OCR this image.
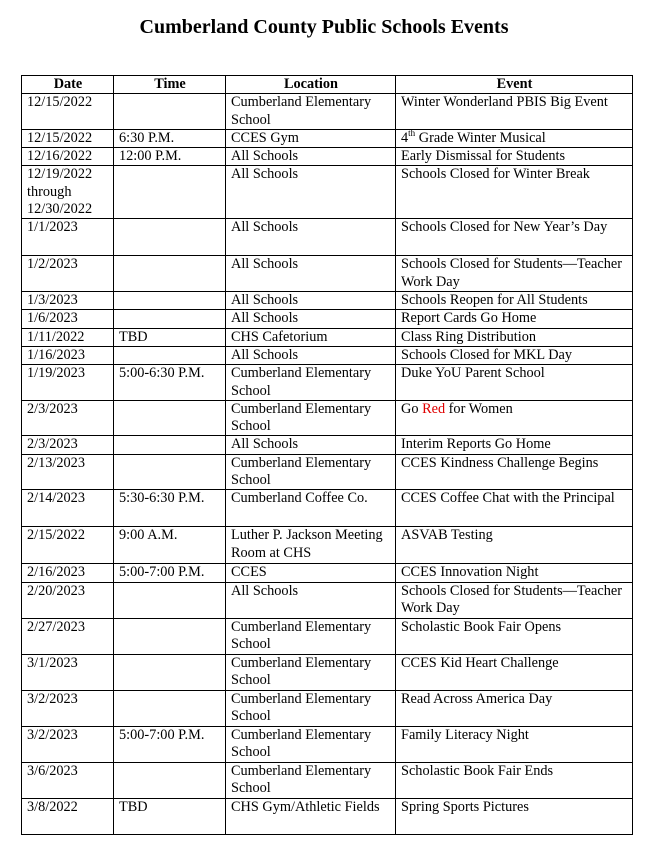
Cumberland County Public Schools Events
Date	Time	Location	Event
12/15/2022		Cumberland Elementary School	Winter Wonderland PBIS Big Event
12/15/2022	6:30 P.M.	CCES Gym	4th Grade Winter Musical
12/16/2022	12:00 P.M.	All Schools	Early Dismissal for Students
12/19/2022 through 12/30/2022		All Schools	Schools Closed for Winter Break
1/1/2023		All Schools	Schools Closed for New Year’s Day
1/2/2023		All Schools	Schools Closed for Students—Teacher Work Day
1/3/2023		All Schools	Schools Reopen for All Students
1/6/2023		All Schools	Report Cards Go Home
1/11/2022	TBD	CHS Cafetorium	Class Ring Distribution
1/16/2023		All Schools	Schools Closed for MKL Day
1/19/2023	5:00-6:30 P.M.	Cumberland Elementary School	Duke YoU Parent School
2/3/2023		Cumberland Elementary School	Go Red for Women
2/3/2023		All Schools	Interim Reports Go Home
2/13/2023		Cumberland Elementary School	CCES Kindness Challenge Begins
2/14/2023	5:30-6:30 P.M.	Cumberland Coffee Co.	CCES Coffee Chat with the Principal
2/15/2022	9:00 A.M.	Luther P. Jackson Meeting Room at CHS	ASVAB Testing
2/16/2023	5:00-7:00 P.M.	CCES	CCES Innovation Night
2/20/2023		All Schools	Schools Closed for Students—Teacher Work Day
2/27/2023		Cumberland Elementary School	Scholastic Book Fair Opens
3/1/2023		Cumberland Elementary School	CCES Kid Heart Challenge
3/2/2023		Cumberland Elementary School	Read Across America Day
3/2/2023	5:00-7:00 P.M.	Cumberland Elementary School	Family Literacy Night
3/6/2023		Cumberland Elementary School	Scholastic Book Fair Ends
3/8/2022	TBD	CHS Gym/Athletic Fields	Spring Sports Pictures
